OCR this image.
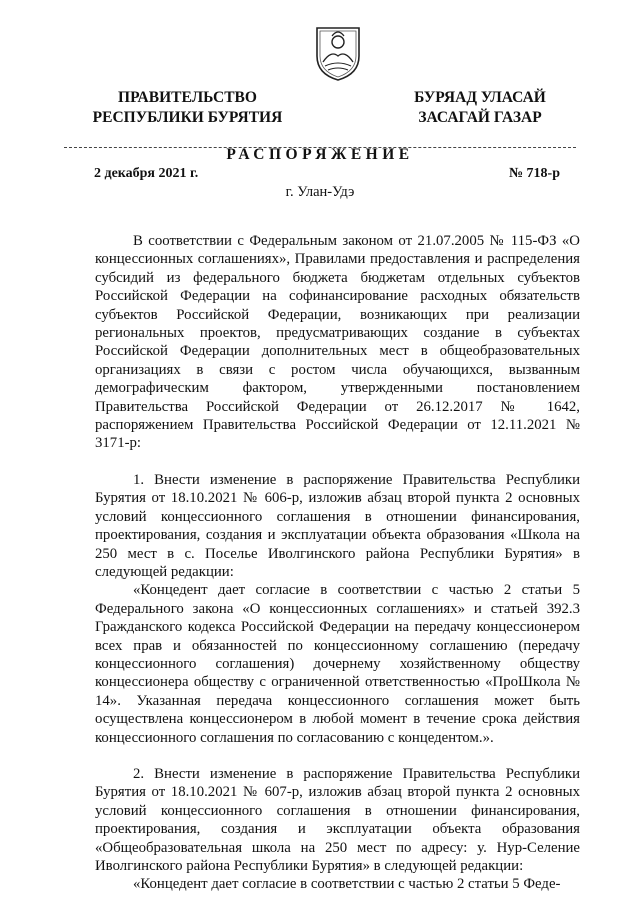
ПРАВИТЕЛЬСТВО
РЕСПУБЛИКИ БУРЯТИЯ
БУРЯАД УЛАСАЙ
ЗАСАГАЙ ГАЗАР
РАСПОРЯЖЕНИЕ
2 декабря 2021 г.	№ 718-р
г. Улан-Удэ

В соответствии с Федеральным законом от 21.07.2005 № 115-ФЗ «О концессионных соглашениях», Правилами предоставления и распределения субсидий из федерального бюджета бюджетам отдельных субъектов Российской Федерации на софинансирование расходных обязательств субъектов Российской Федерации, возникающих при реализации региональных проектов, предусматривающих создание в субъектах Российской Федерации дополнительных мест в общеобразовательных организациях в связи с ростом числа обучающихся, вызванным демографическим фактором, утвержденными постановлением Правительства Российской Федерации от 26.12.2017 № 1642, распоряжением Правительства Российской Федерации от 12.11.2021 № 3171-р:

1. Внести изменение в распоряжение Правительства Республики Бурятия от 18.10.2021 № 606-р, изложив абзац второй пункта 2 основных условий концессионного соглашения в отношении финансирования, проектирования, создания и эксплуатации объекта образования «Школа на 250 мест в с. Поселье Иволгинского района Республики Бурятия» в следующей редакции:

«Концедент дает согласие в соответствии с частью 2 статьи 5 Федерального закона «О концессионных соглашениях» и статьей 392.3 Гражданского кодекса Российской Федерации на передачу концессионером всех прав и обязанностей по концессионному соглашению (передачу концессионного соглашения) дочернему хозяйственному обществу концессионера обществу с ограниченной ответственностью «ПроШкола № 14». Указанная передача концессионного соглашения может быть осуществлена концессионером в любой момент в течение срока действия концессионного соглашения по согласованию с концедентом.».

2. Внести изменение в распоряжение Правительства Республики Бурятия от 18.10.2021 № 607-р, изложив абзац второй пункта 2 основных условий концессионного соглашения в отношении финансирования, проектирования, создания и эксплуатации объекта образования «Общеобразовательная школа на 250 мест по адресу: у. Нур-Селение Иволгинского района Республики Бурятия» в следующей редакции:

«Концедент дает согласие в соответствии с частью 2 статьи 5 Феде-
